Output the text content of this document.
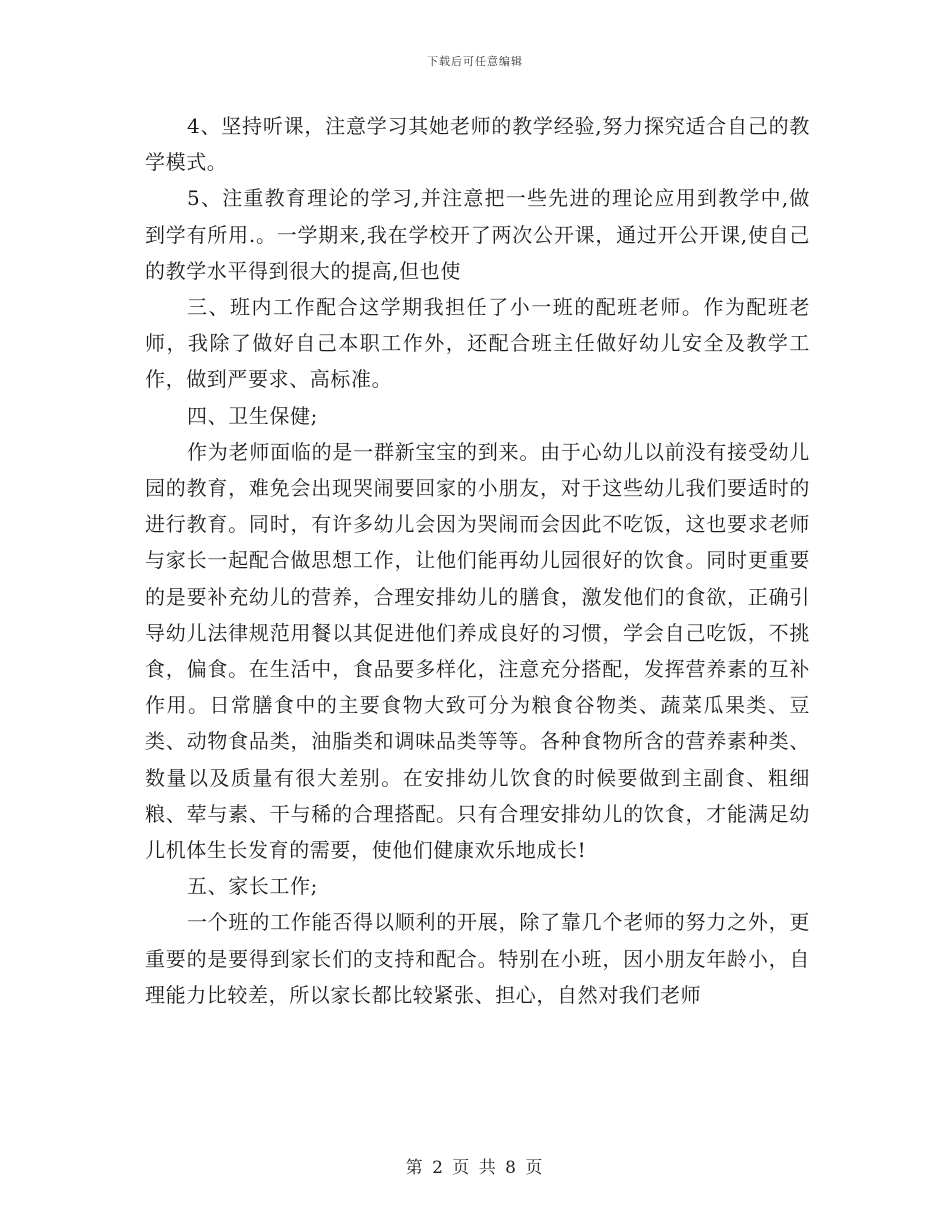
下载后可任意编辑

4、坚持听课，注意学习其她老师的教学经验,努力探究适合自己的教学模式。

5、注重教育理论的学习,并注意把一些先进的理论应用到教学中,做到学有所用.。一学期来,我在学校开了两次公开课，通过开公开课,使自己的教学水平得到很大的提高,但也使

三、班内工作配合这学期我担任了小一班的配班老师。作为配班老师，我除了做好自己本职工作外，还配合班主任做好幼儿安全及教学工作，做到严要求、高标准。

四、卫生保健;

作为老师面临的是一群新宝宝的到来。由于心幼儿以前没有接受幼儿园的教育，难免会出现哭闹要回家的小朋友，对于这些幼儿我们要适时的进行教育。同时，有许多幼儿会因为哭闹而会因此不吃饭，这也要求老师与家长一起配合做思想工作，让他们能再幼儿园很好的饮食。同时更重要的是要补充幼儿的营养，合理安排幼儿的膳食，激发他们的食欲，正确引导幼儿法律规范用餐以其促进他们养成良好的习惯，学会自己吃饭，不挑食，偏食。在生活中，食品要多样化，注意充分搭配，发挥营养素的互补作用。日常膳食中的主要食物大致可分为粮食谷物类、蔬菜瓜果类、豆类、动物食品类，油脂类和调味品类等等。各种食物所含的营养素种类、数量以及质量有很大差别。在安排幼儿饮食的时候要做到主副食、粗细粮、荤与素、干与稀的合理搭配。只有合理安排幼儿的饮食，才能满足幼儿机体生长发育的需要，使他们健康欢乐地成长!

五、家长工作;

一个班的工作能否得以顺利的开展，除了靠几个老师的努力之外，更重要的是要得到家长们的支持和配合。特别在小班，因小朋友年龄小，自理能力比较差，所以家长都比较紧张、担心，自然对我们老师

第 2 页 共 8 页
